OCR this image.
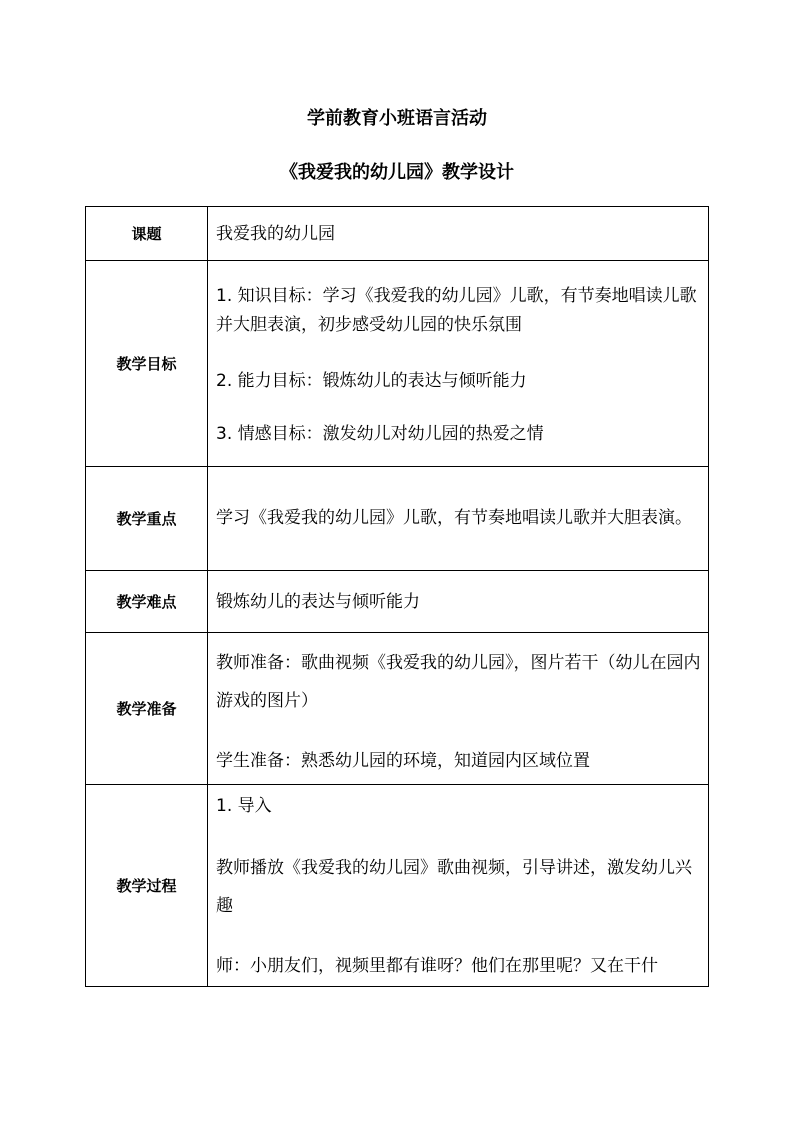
学前教育小班语言活动
《我爱我的幼儿园》教学设计
课题	我爱我的幼儿园

教学目标	1. 知识目标：学习《我爱我的幼儿园》儿歌，有节奏地唱读儿歌并大胆表演，初步感受幼儿园的快乐氛围

2. 能力目标：锻炼幼儿的表达与倾听能力

3. 情感目标：激发幼儿对幼儿园的热爱之情

教学重点	学习《我爱我的幼儿园》儿歌，有节奏地唱读儿歌并大胆表演。

教学难点	锻炼幼儿的表达与倾听能力

教学准备	教师准备：歌曲视频《我爱我的幼儿园》，图片若干（幼儿在园内游戏的图片）

学生准备：熟悉幼儿园的环境，知道园内区域位置

教学过程	1. 导入

教师播放《我爱我的幼儿园》歌曲视频，引导讲述，激发幼儿兴趣

师：小朋友们，视频里都有谁呀？他们在那里呢？又在干什
